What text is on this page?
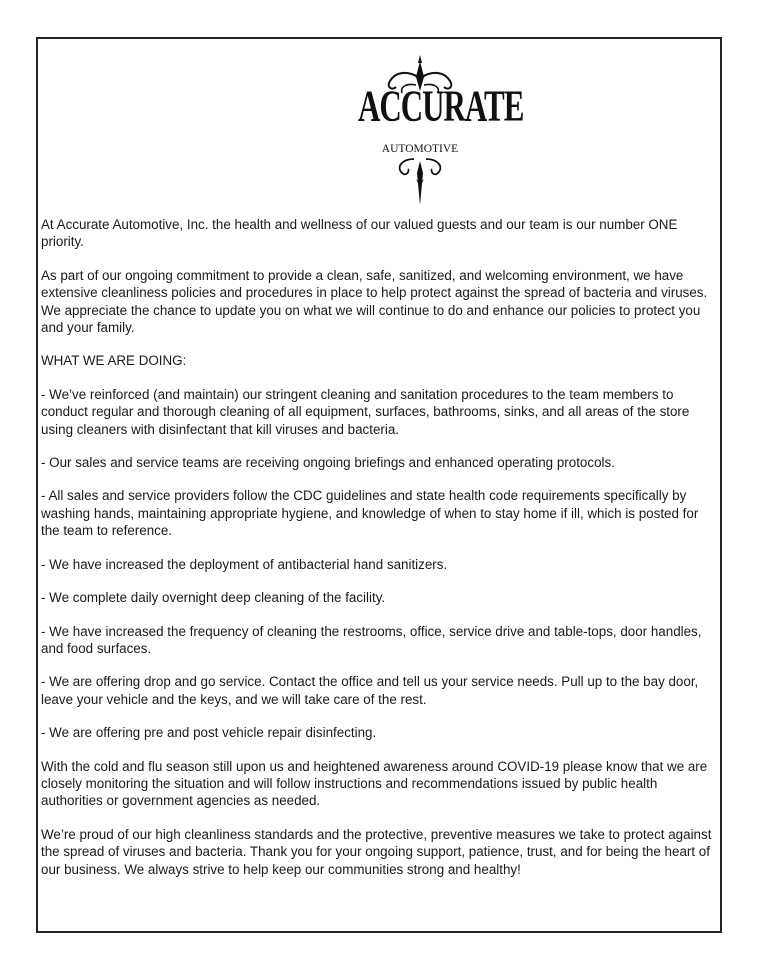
ACCURATE
AUTOMOTIVE

At Accurate Automotive, Inc. the health and wellness of our valued guests and our team is our number ONE priority.

As part of our ongoing commitment to provide a clean, safe, sanitized, and welcoming environment, we have extensive cleanliness policies and procedures in place to help protect against the spread of bacteria and viruses. We appreciate the chance to update you on what we will continue to do and enhance our policies to protect you and your family.

WHAT WE ARE DOING:

- We’ve reinforced (and maintain) our stringent cleaning and sanitation procedures to the team members to conduct regular and thorough cleaning of all equipment, surfaces, bathrooms, sinks, and all areas of the store using cleaners with disinfectant that kill viruses and bacteria.

- Our sales and service teams are receiving ongoing briefings and enhanced operating protocols.

- All sales and service providers follow the CDC guidelines and state health code requirements specifically by washing hands, maintaining appropriate hygiene, and knowledge of when to stay home if ill, which is posted for the team to reference.

- We have increased the deployment of antibacterial hand sanitizers.

- We complete daily overnight deep cleaning of the facility.

- We have increased the frequency of cleaning the restrooms, office, service drive and table-tops, door handles, and food surfaces.

- We are offering drop and go service. Contact the office and tell us your service needs. Pull up to the bay door, leave your vehicle and the keys, and we will take care of the rest.

- We are offering pre and post vehicle repair disinfecting.

With the cold and flu season still upon us and heightened awareness around COVID-19 please know that we are closely monitoring the situation and will follow instructions and recommendations issued by public health authorities or government agencies as needed.

We’re proud of our high cleanliness standards and the protective, preventive measures we take to protect against the spread of viruses and bacteria. Thank you for your ongoing support, patience, trust, and for being the heart of our business. We always strive to help keep our communities strong and healthy!
